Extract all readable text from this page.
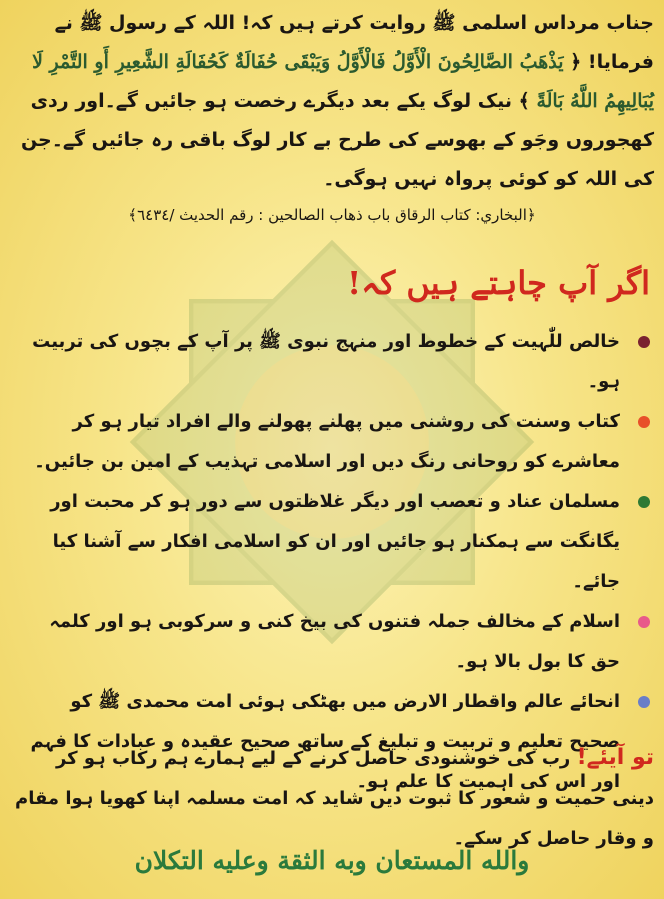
جناب مرداس اسلمی ﷺ روایت کرتے ہیں کہ! اللہ کے رسول ﷺ نے فرمایا! ﴿ يَذْهَبُ الصَّالِحُونَ الْأَوَّلُ فَالْأَوَّلُ وَيَبْقَى حُفَالَةٌ كَحُفَالَةِ الشَّعِيرِ أَوِ التَّمْرِ لَا يُبَالِيهِمُ اللَّهُ بَالَةً ﴾ نیک لوگ یکے بعد دیگرے رخصت ہو جائیں گے۔اور ردی کھجوروں وجَو کے بھوسے کی طرح بے کار لوگ باقی رہ جائیں گے۔جن کی اللہ کو کوئی پرواہ نہیں ہوگی۔
﴿البخاري: كتاب الرقاق باب ذهاب الصالحين : رقم الحديث /٦٤٣٤﴾
اگر آپ چاہتے ہیں کہ!
خالص للّٰہیت کے خطوط اور منہج نبوی ﷺ پر آپ کے بچوں کی تربیت ہو۔
کتاب وسنت کی روشنی میں پھلنے پھولنے والے افراد تیار ہو کر معاشرے کو روحانی رنگ دیں اور اسلامی تہذیب کے امین بن جائیں۔
مسلمان عناد و تعصب اور دیگر غلاظتوں سے دور ہو کر محبت اور یگانگت سے ہمکنار ہو جائیں اور ان کو اسلامی افکار سے آشنا کیا جائے۔
اسلام کے مخالف جملہ فتنوں کی بیخ کنی و سرکوبی ہو اور کلمہ حق کا بول بالا ہو۔
انحائے عالم واقطار الارض میں بھٹکی ہوئی امت محمدی ﷺ کو صحیح تعلیم و تربیت و تبلیغ کے ساتھ صحیح عقیدہ و عبادات کا فہم اور اس کی اہمیت کا علم ہو۔
تو آیئے! رب کی خوشنودی حاصل کرنے کے لیے ہمارے ہم رکاب ہو کر دینی حمیت و شعور کا ثبوت دیں شاید کہ امت مسلمہ اپنا کھویا ہوا مقام و وقار حاصل کر سکے۔
والله المستعان وبه الثقة وعليه التكلان
